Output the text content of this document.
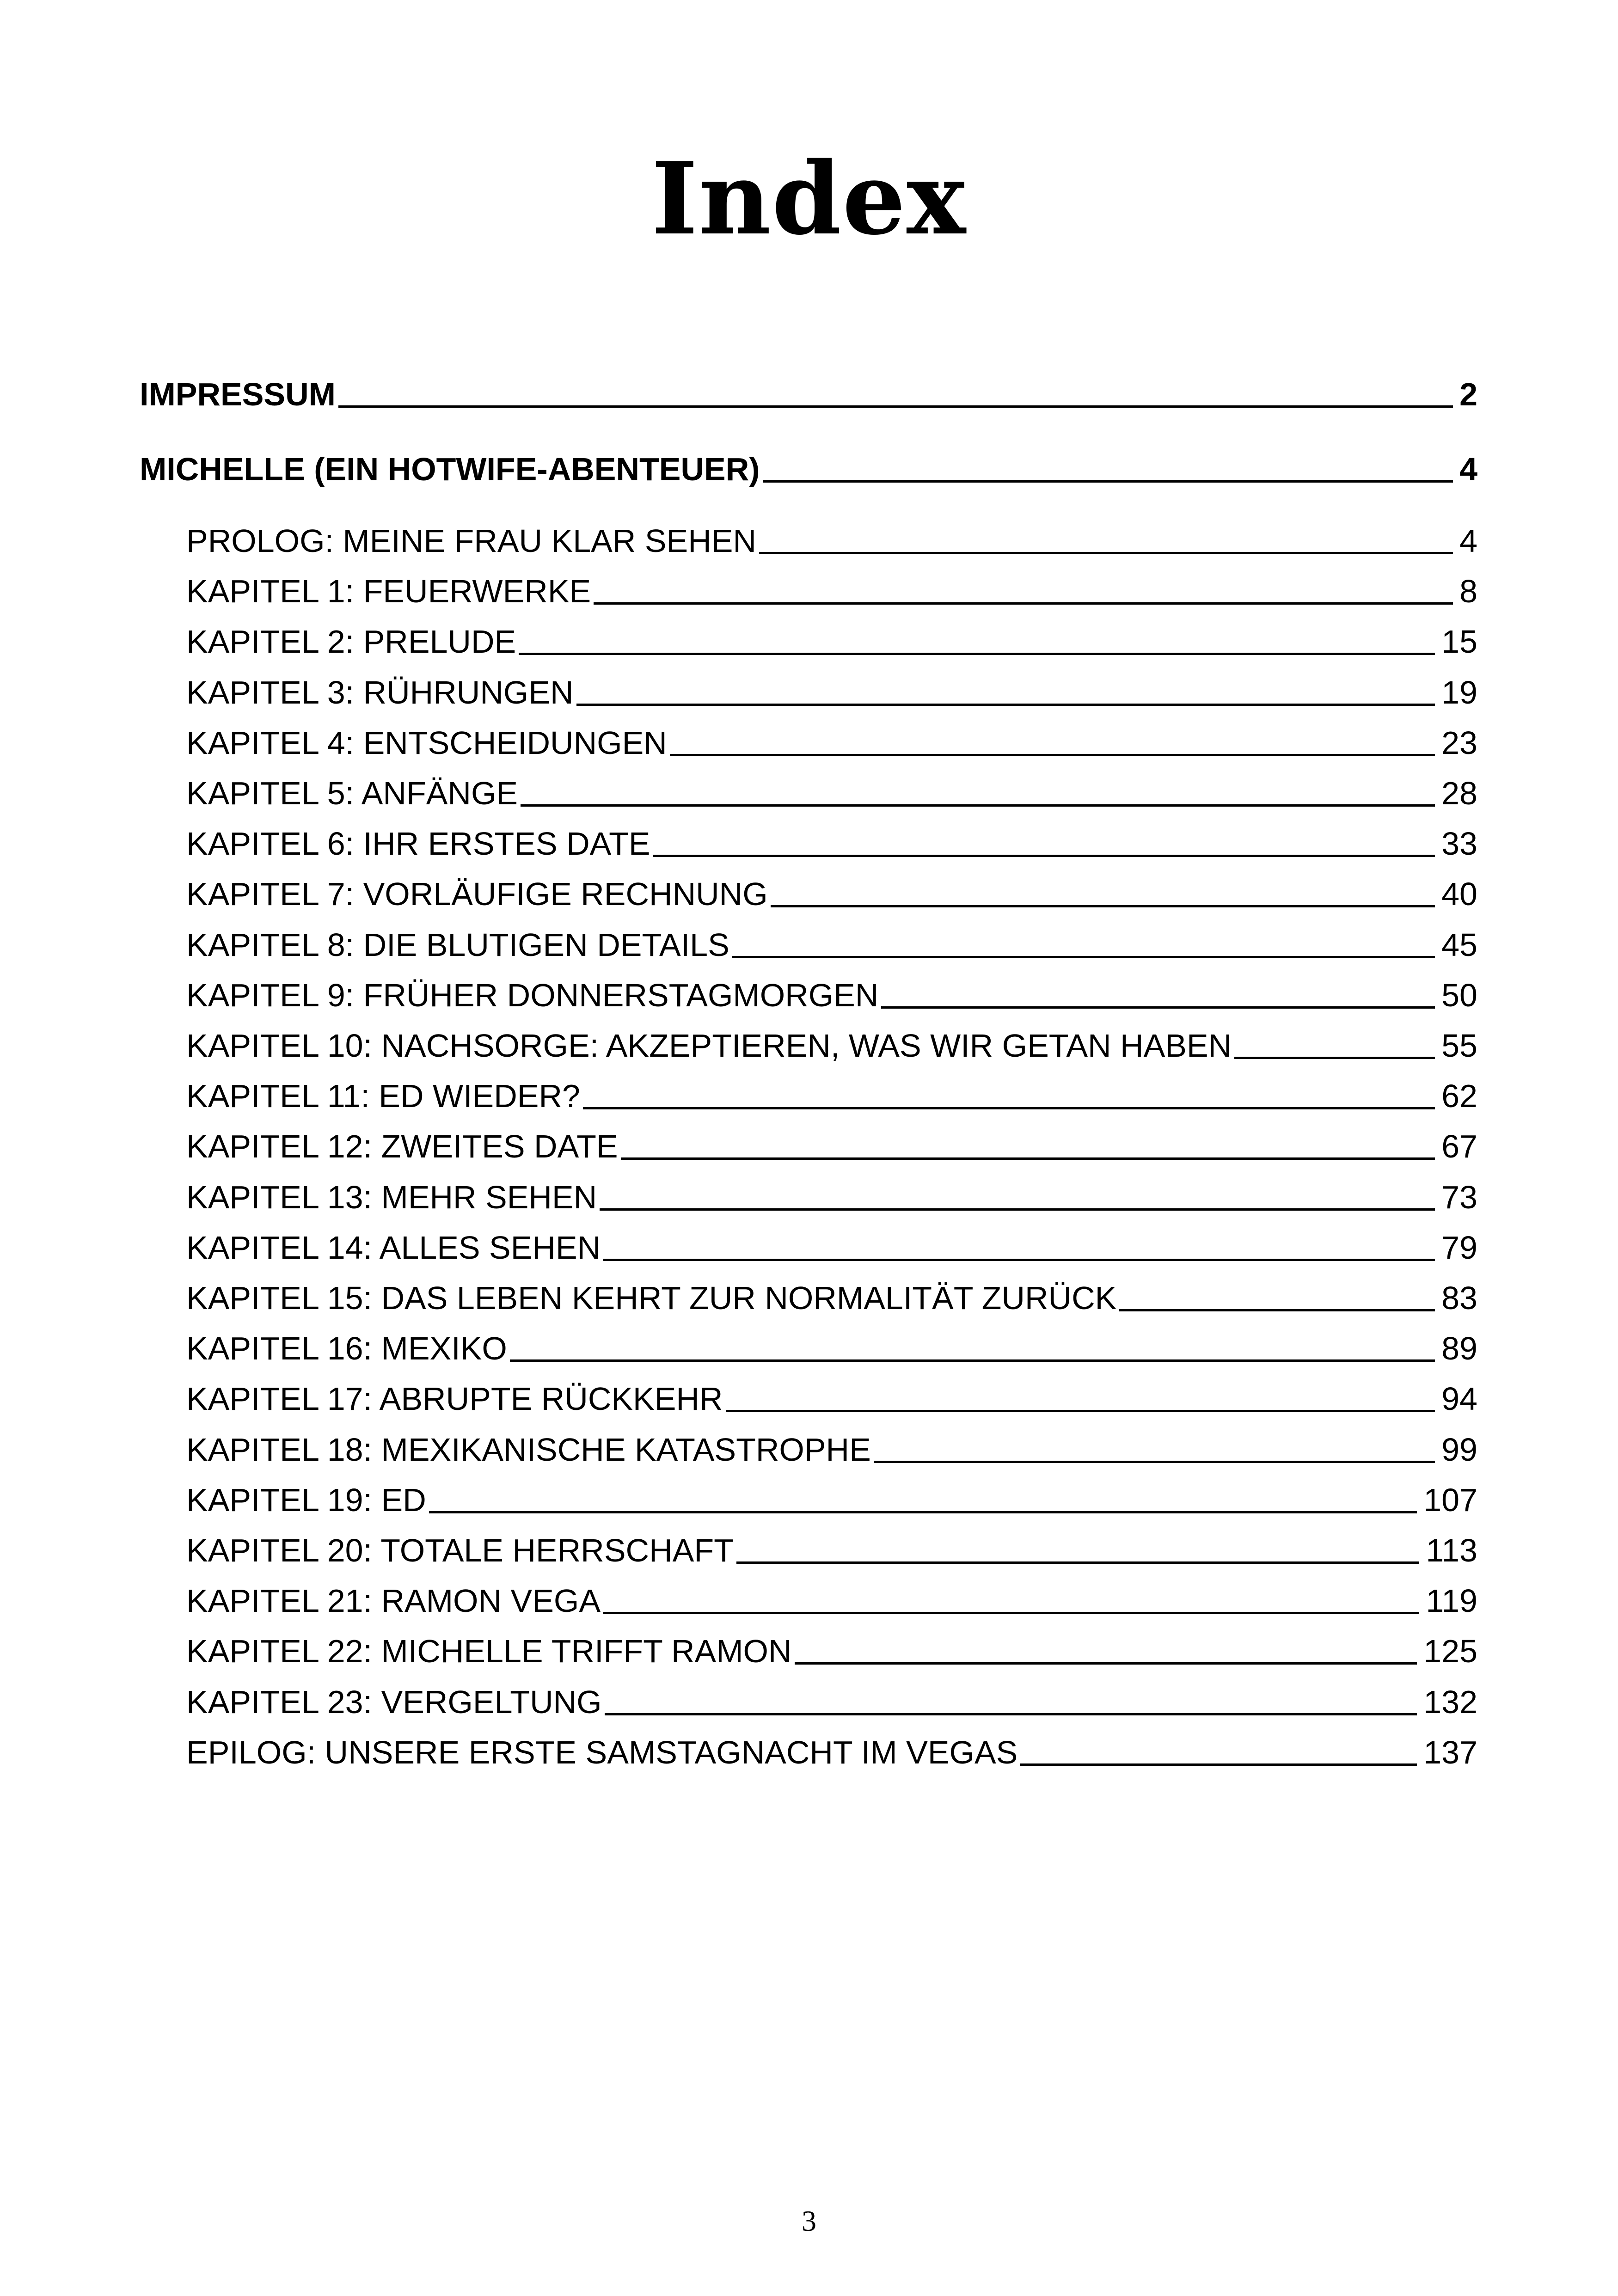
Index
IMPRESSUM	2
MICHELLE (EIN HOTWIFE-ABENTEUER)	4
PROLOG: MEINE FRAU KLAR SEHEN	4
KAPITEL 1: FEUERWERKE	8
KAPITEL 2: PRELUDE	15
KAPITEL 3: RÜHRUNGEN	19
KAPITEL 4: ENTSCHEIDUNGEN	23
KAPITEL 5: ANFÄNGE	28
KAPITEL 6: IHR ERSTES DATE	33
KAPITEL 7: VORLÄUFIGE RECHNUNG	40
KAPITEL 8: DIE BLUTIGEN DETAILS	45
KAPITEL 9: FRÜHER DONNERSTAGMORGEN	50
KAPITEL 10: NACHSORGE: AKZEPTIEREN, WAS WIR GETAN HABEN	55
KAPITEL 11: ED WIEDER?	62
KAPITEL 12: ZWEITES DATE	67
KAPITEL 13: MEHR SEHEN	73
KAPITEL 14: ALLES SEHEN	79
KAPITEL 15: DAS LEBEN KEHRT ZUR NORMALITÄT ZURÜCK	83
KAPITEL 16: MEXIKO	89
KAPITEL 17: ABRUPTE RÜCKKEHR	94
KAPITEL 18: MEXIKANISCHE KATASTROPHE	99
KAPITEL 19: ED	107
KAPITEL 20: TOTALE HERRSCHAFT	113
KAPITEL 21: RAMON VEGA	119
KAPITEL 22: MICHELLE TRIFFT RAMON	125
KAPITEL 23: VERGELTUNG	132
EPILOG: UNSERE ERSTE SAMSTAGNACHT IM VEGAS	137
3
